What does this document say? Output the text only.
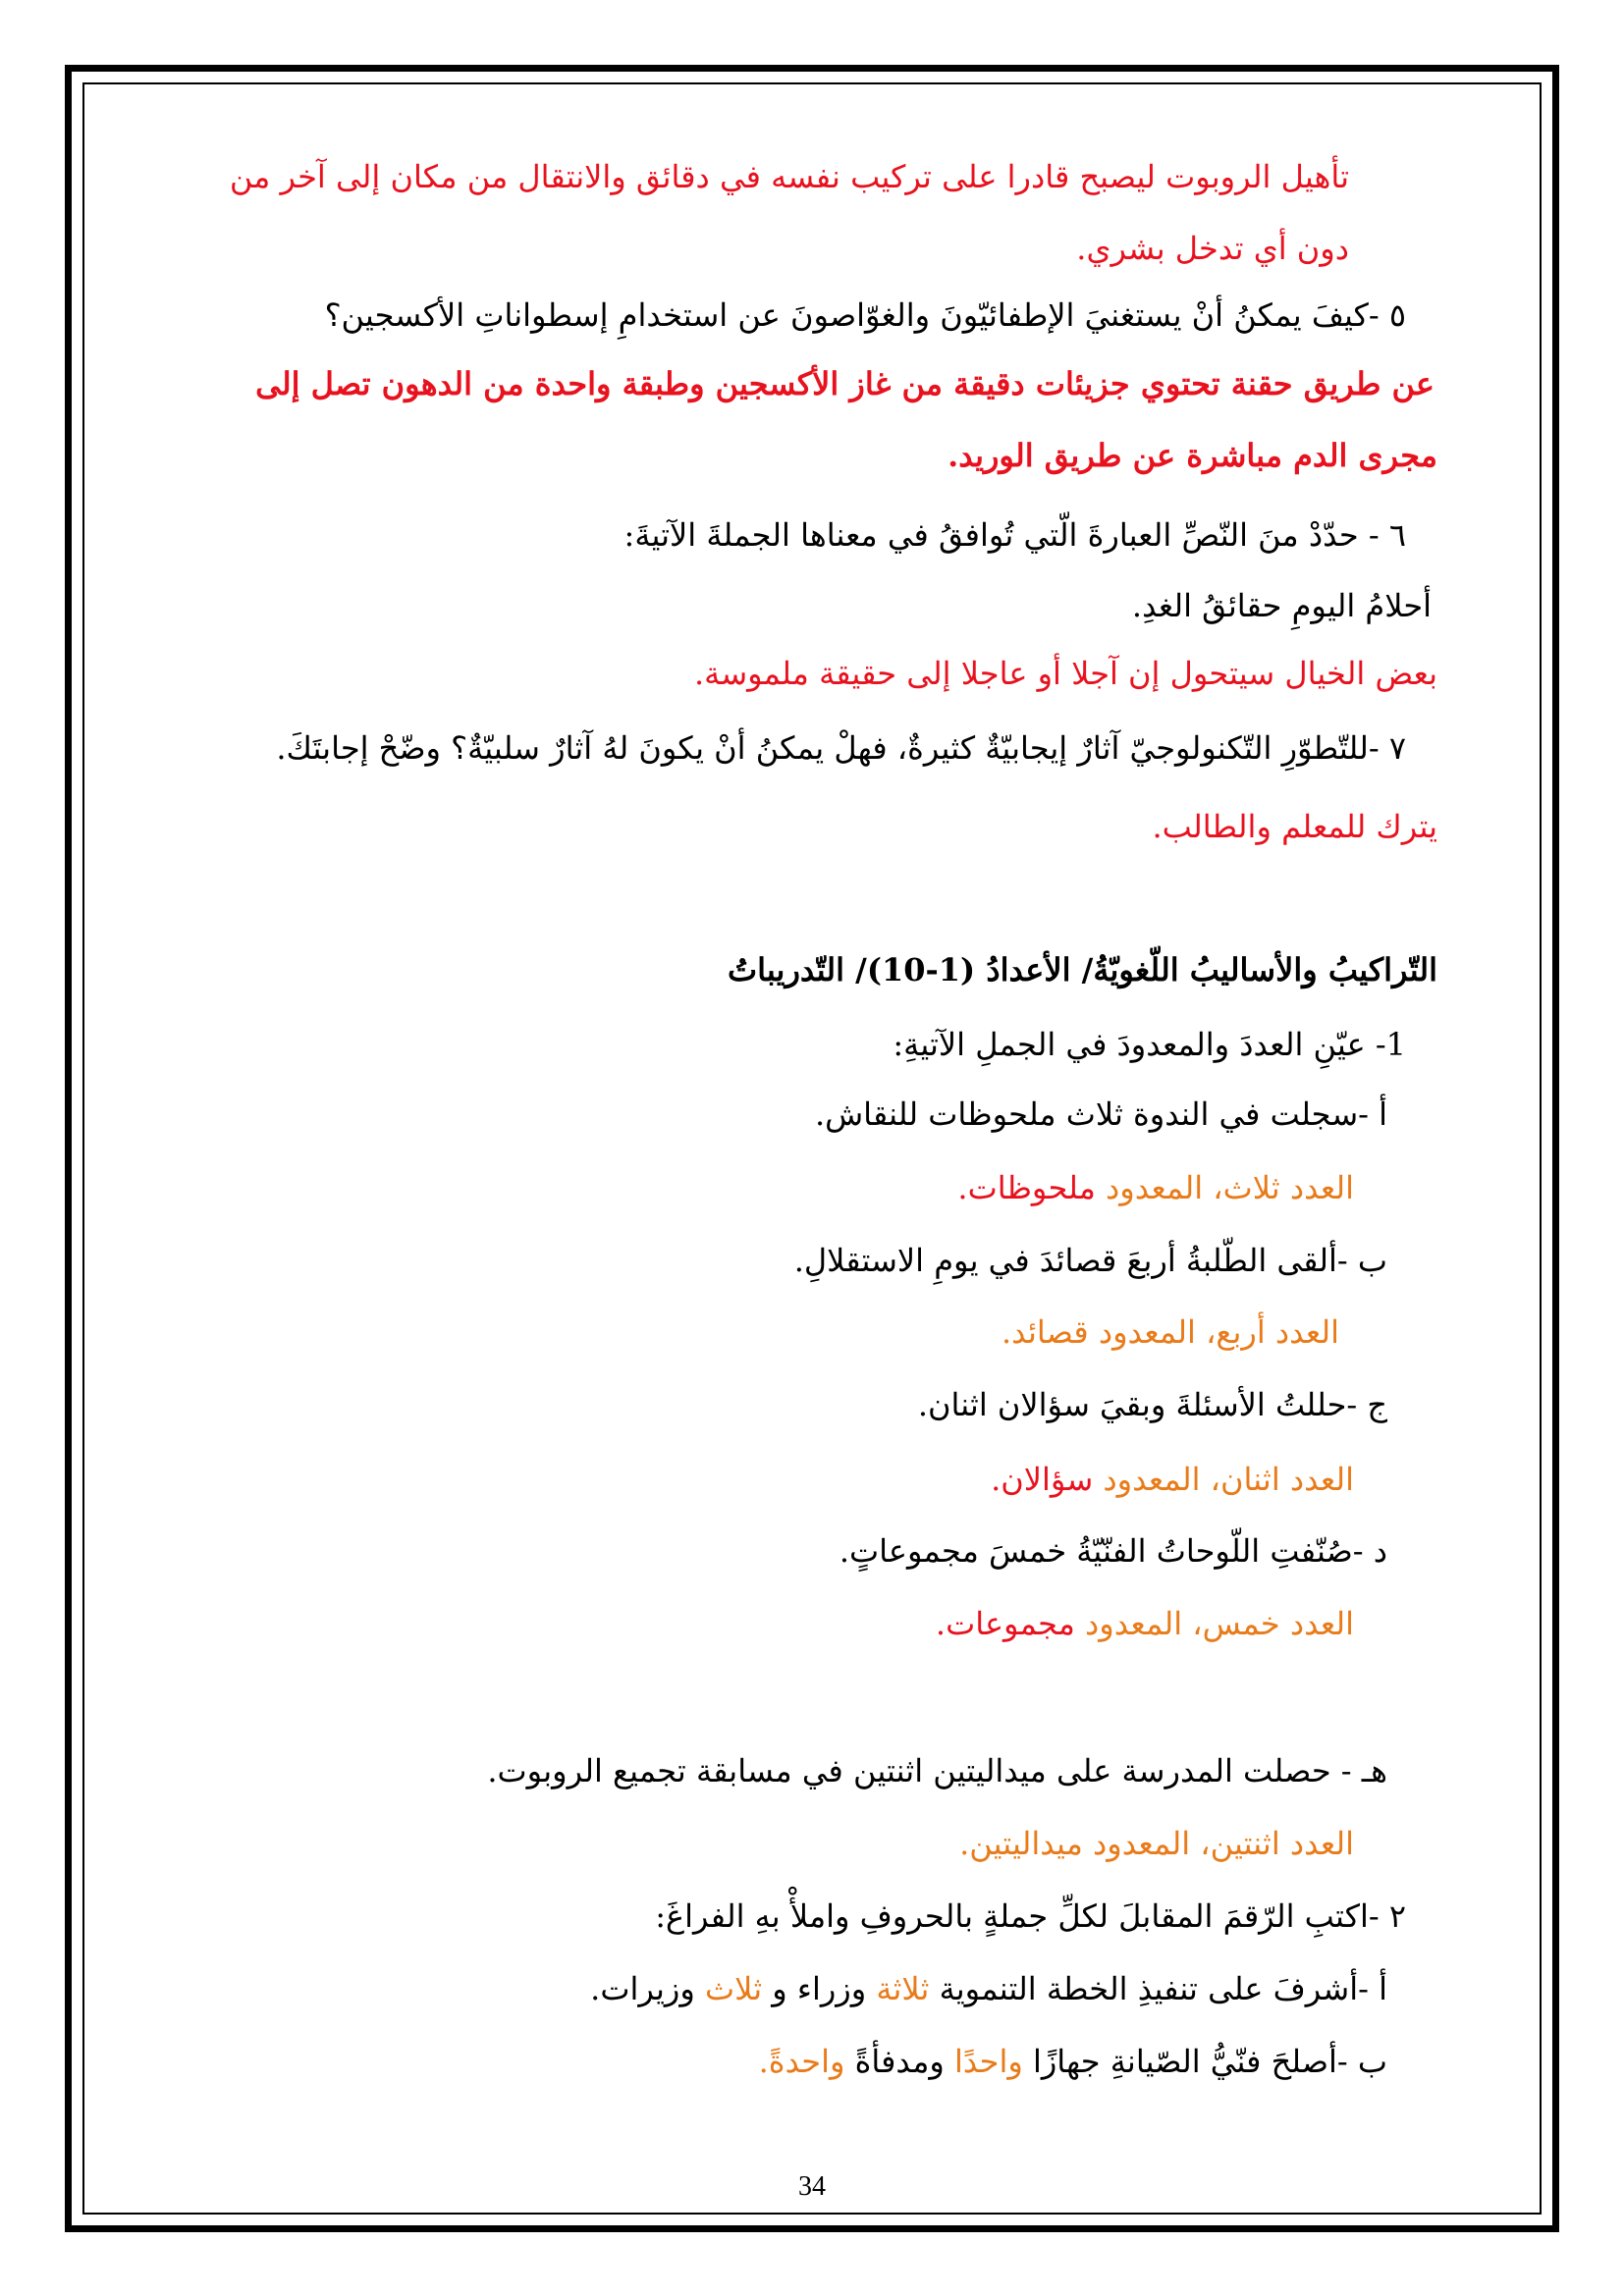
تأهيل الروبوت ليصبح قادرا على تركيب نفسه في دقائق والانتقال من مكان إلى آخر من
دون أي تدخل بشري.
٥ -كيفَ يمكنُ أنْ يستغنيَ الإطفائيّونَ والغوّاصونَ عن استخدامِ إسطواناتِ الأكسجين؟
عن طريق حقنة تحتوي جزيئات دقيقة من غاز الأكسجين وطبقة واحدة من الدهون تصل إلى
مجرى الدم مباشرة عن طريق الوريد.
٦ - حدّدْ منَ النّصِّ العبارةَ الّتي تُوافقُ في معناها الجملةَ الآتيةَ:
أحلامُ اليومِ حقائقُ الغدِ.
بعض الخيال سيتحول إن آجلا أو عاجلا إلى حقيقة ملموسة.
٧ -للتّطوّرِ التّكنولوجيّ آثارٌ إيجابيّةٌ كثيرةٌ، فهلْ يمكنُ أنْ يكونَ لهُ آثارٌ سلبيّةٌ؟ وضّحْ إجابتَكَ.
يترك للمعلم والطالب.
التّراكيبُ والأساليبُ اللّغويّةُ/ الأعدادُ (1-10)/ التّدريباتُ
1- عيّنِ العددَ والمعدودَ في الجملِ الآتيةِ:
أ -سجلت في الندوة ثلاث ملحوظات للنقاش.
العدد ثلاث، المعدود ملحوظات.
ب -ألقى الطّلبةُ أربعَ قصائدَ في يومِ الاستقلالِ.
العدد أربع، المعدود قصائد.
ج -حللتُ الأسئلةَ وبقيَ سؤالان اثنان.
العدد اثنان، المعدود سؤالان.
د -صُنّفتِ اللّوحاتُ الفنّيّةُ خمسَ مجموعاتٍ.
العدد خمس، المعدود مجموعات.
هـ - حصلت المدرسة على ميداليتين اثنتين في مسابقة تجميع الروبوت.
العدد اثنتين، المعدود ميداليتين.
٢ -اكتبِ الرّقمَ المقابلَ لكلِّ جملةٍ بالحروفِ واملأْ بهِ الفراغَ:
أ -أشرفَ على تنفيذِ الخطة التنموية ثلاثة وزراء و ثلاث وزيرات.
ب -أصلحَ فنّيُّ الصّيانةِ جهازًا واحدًا ومدفأةً واحدةً.
34
